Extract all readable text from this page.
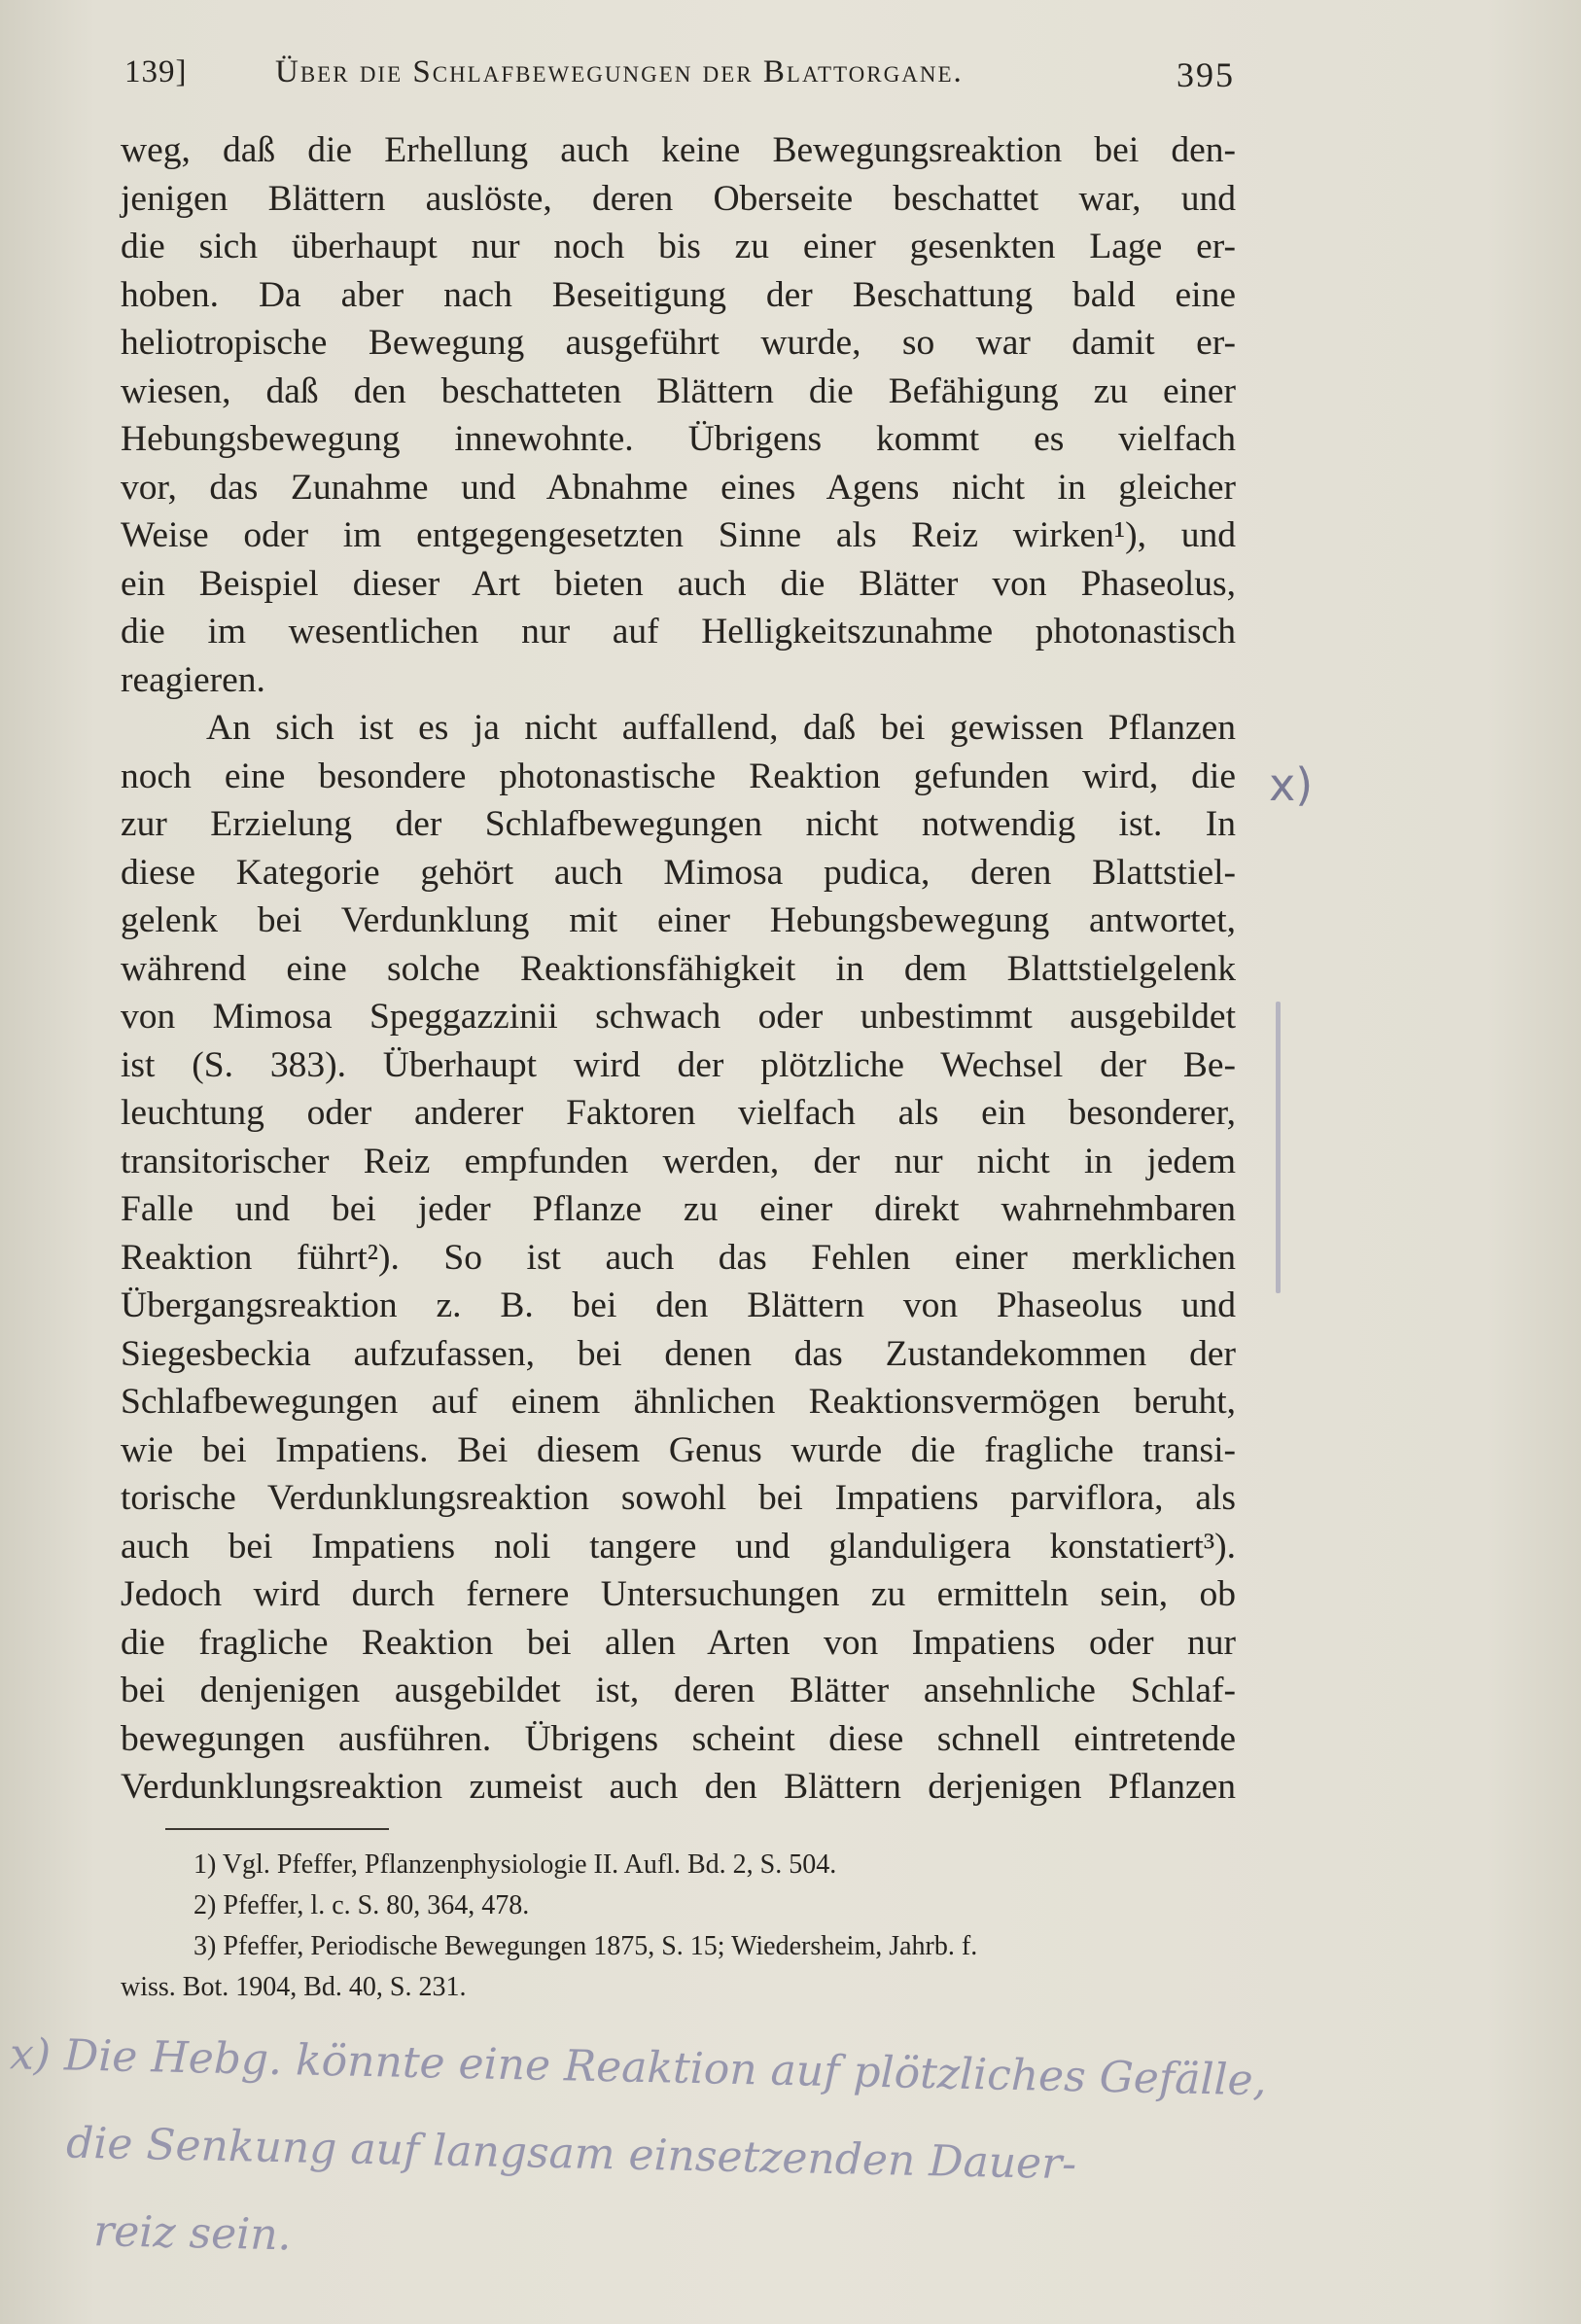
139]	Über die Schlafbewegungen der Blattorgane.	395
weg, daß die Erhellung auch keine Bewegungsreaktion bei den-
jenigen Blättern auslöste, deren Oberseite beschattet war, und
die sich überhaupt nur noch bis zu einer gesenkten Lage er-
hoben. Da aber nach Beseitigung der Beschattung bald eine
heliotropische Bewegung ausgeführt wurde, so war damit er-
wiesen, daß den beschatteten Blättern die Befähigung zu einer
Hebungsbewegung innewohnte. Übrigens kommt es vielfach
vor, das Zunahme und Abnahme eines Agens nicht in gleicher
Weise oder im entgegengesetzten Sinne als Reiz wirken¹), und
ein Beispiel dieser Art bieten auch die Blätter von Phaseolus,
die im wesentlichen nur auf Helligkeitszunahme photonastisch
reagieren.
An sich ist es ja nicht auffallend, daß bei gewissen Pflanzen
noch eine besondere photonastische Reaktion gefunden wird, die
zur Erzielung der Schlafbewegungen nicht notwendig ist. In
diese Kategorie gehört auch Mimosa pudica, deren Blattstiel-
gelenk bei Verdunklung mit einer Hebungsbewegung antwortet,
während eine solche Reaktionsfähigkeit in dem Blattstielgelenk
von Mimosa Speggazzinii schwach oder unbestimmt ausgebildet
ist (S. 383). Überhaupt wird der plötzliche Wechsel der Be-
leuchtung oder anderer Faktoren vielfach als ein besonderer,
transitorischer Reiz empfunden werden, der nur nicht in jedem
Falle und bei jeder Pflanze zu einer direkt wahrnehmbaren
Reaktion führt²). So ist auch das Fehlen einer merklichen
Übergangsreaktion z. B. bei den Blättern von Phaseolus und
Siegesbeckia aufzufassen, bei denen das Zustandekommen der
Schlafbewegungen auf einem ähnlichen Reaktionsvermögen beruht,
wie bei Impatiens. Bei diesem Genus wurde die fragliche transi-
torische Verdunklungsreaktion sowohl bei Impatiens parviflora, als
auch bei Impatiens noli tangere und glanduligera konstatiert³).
Jedoch wird durch fernere Untersuchungen zu ermitteln sein, ob
die fragliche Reaktion bei allen Arten von Impatiens oder nur
bei denjenigen ausgebildet ist, deren Blätter ansehnliche Schlaf-
bewegungen ausführen. Übrigens scheint diese schnell eintretende
Verdunklungsreaktion zumeist auch den Blättern derjenigen Pflanzen
1) Vgl. Pfeffer, Pflanzenphysiologie II. Aufl. Bd. 2, S. 504.
2) Pfeffer, l. c. S. 80, 364, 478.
3) Pfeffer, Periodische Bewegungen 1875, S. 15; Wiedersheim, Jahrb. f.
wiss. Bot. 1904, Bd. 40, S. 231.
x)
x) Die Hebg. könnte eine Reaktion auf plötzliches Gefälle,
die Senkung auf langsam einsetzenden Dauer-
reiz sein.
